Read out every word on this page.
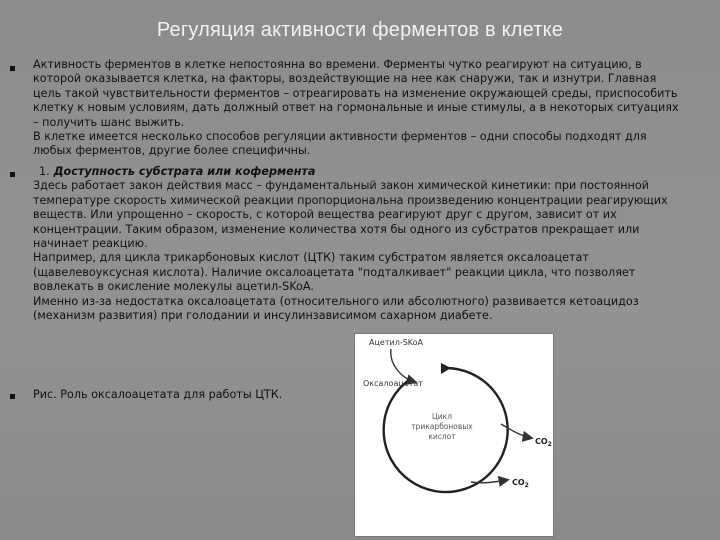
Регуляция активности ферментов в клетке

Активность ферментов в клетке непостоянна во времени. Ферменты чутко реагируют на ситуацию, в

которой оказывается клетка, на факторы, воздействующие на нее как снаружи, так и изнутри. Главная

цель такой чувствительности ферментов – отреагировать на изменение окружающей среды, приспособить

клетку к новым условиям, дать должный ответ на гормональные и иные стимулы, а в некоторых ситуациях

– получить шанс выжить.

В клетке имеется несколько способов регуляции активности ферментов – одни способы подходят для

любых ферментов, другие более специфичны.

1. Доступность субстрата или кофермента

Здесь работает закон действия масс – фундаментальный закон химической кинетики: при постоянной

температуре скорость химической реакции пропорциональна произведению концентрации реагирующих

веществ. Или упрощенно – скорость, с которой вещества реагируют друг с другом, зависит от их

концентрации. Таким образом, изменение количества хотя бы одного из субстратов прекращает или

начинает реакцию.

Например, для цикла трикарбоновых кислот (ЦТК) таким субстратом является оксалоацетат

(щавелевоуксусная кислота). Наличие оксалоацетата "подталкивает" реакции цикла, что позволяет

вовлекать в окисление молекулы ацетил-SKoA.

Именно из-за недостатка оксалоацетата (относительного или абсолютного) развивается кетоацидоз

(механизм развития) при голодании и инсулинзависимом сахарном диабете.

Рис. Роль оксалоацетата для работы ЦТК.
Ацетил-SKoA
Оксалоацетат
Цикл
трикарбоновых
кислот
$CO_2$
$CO_2$
